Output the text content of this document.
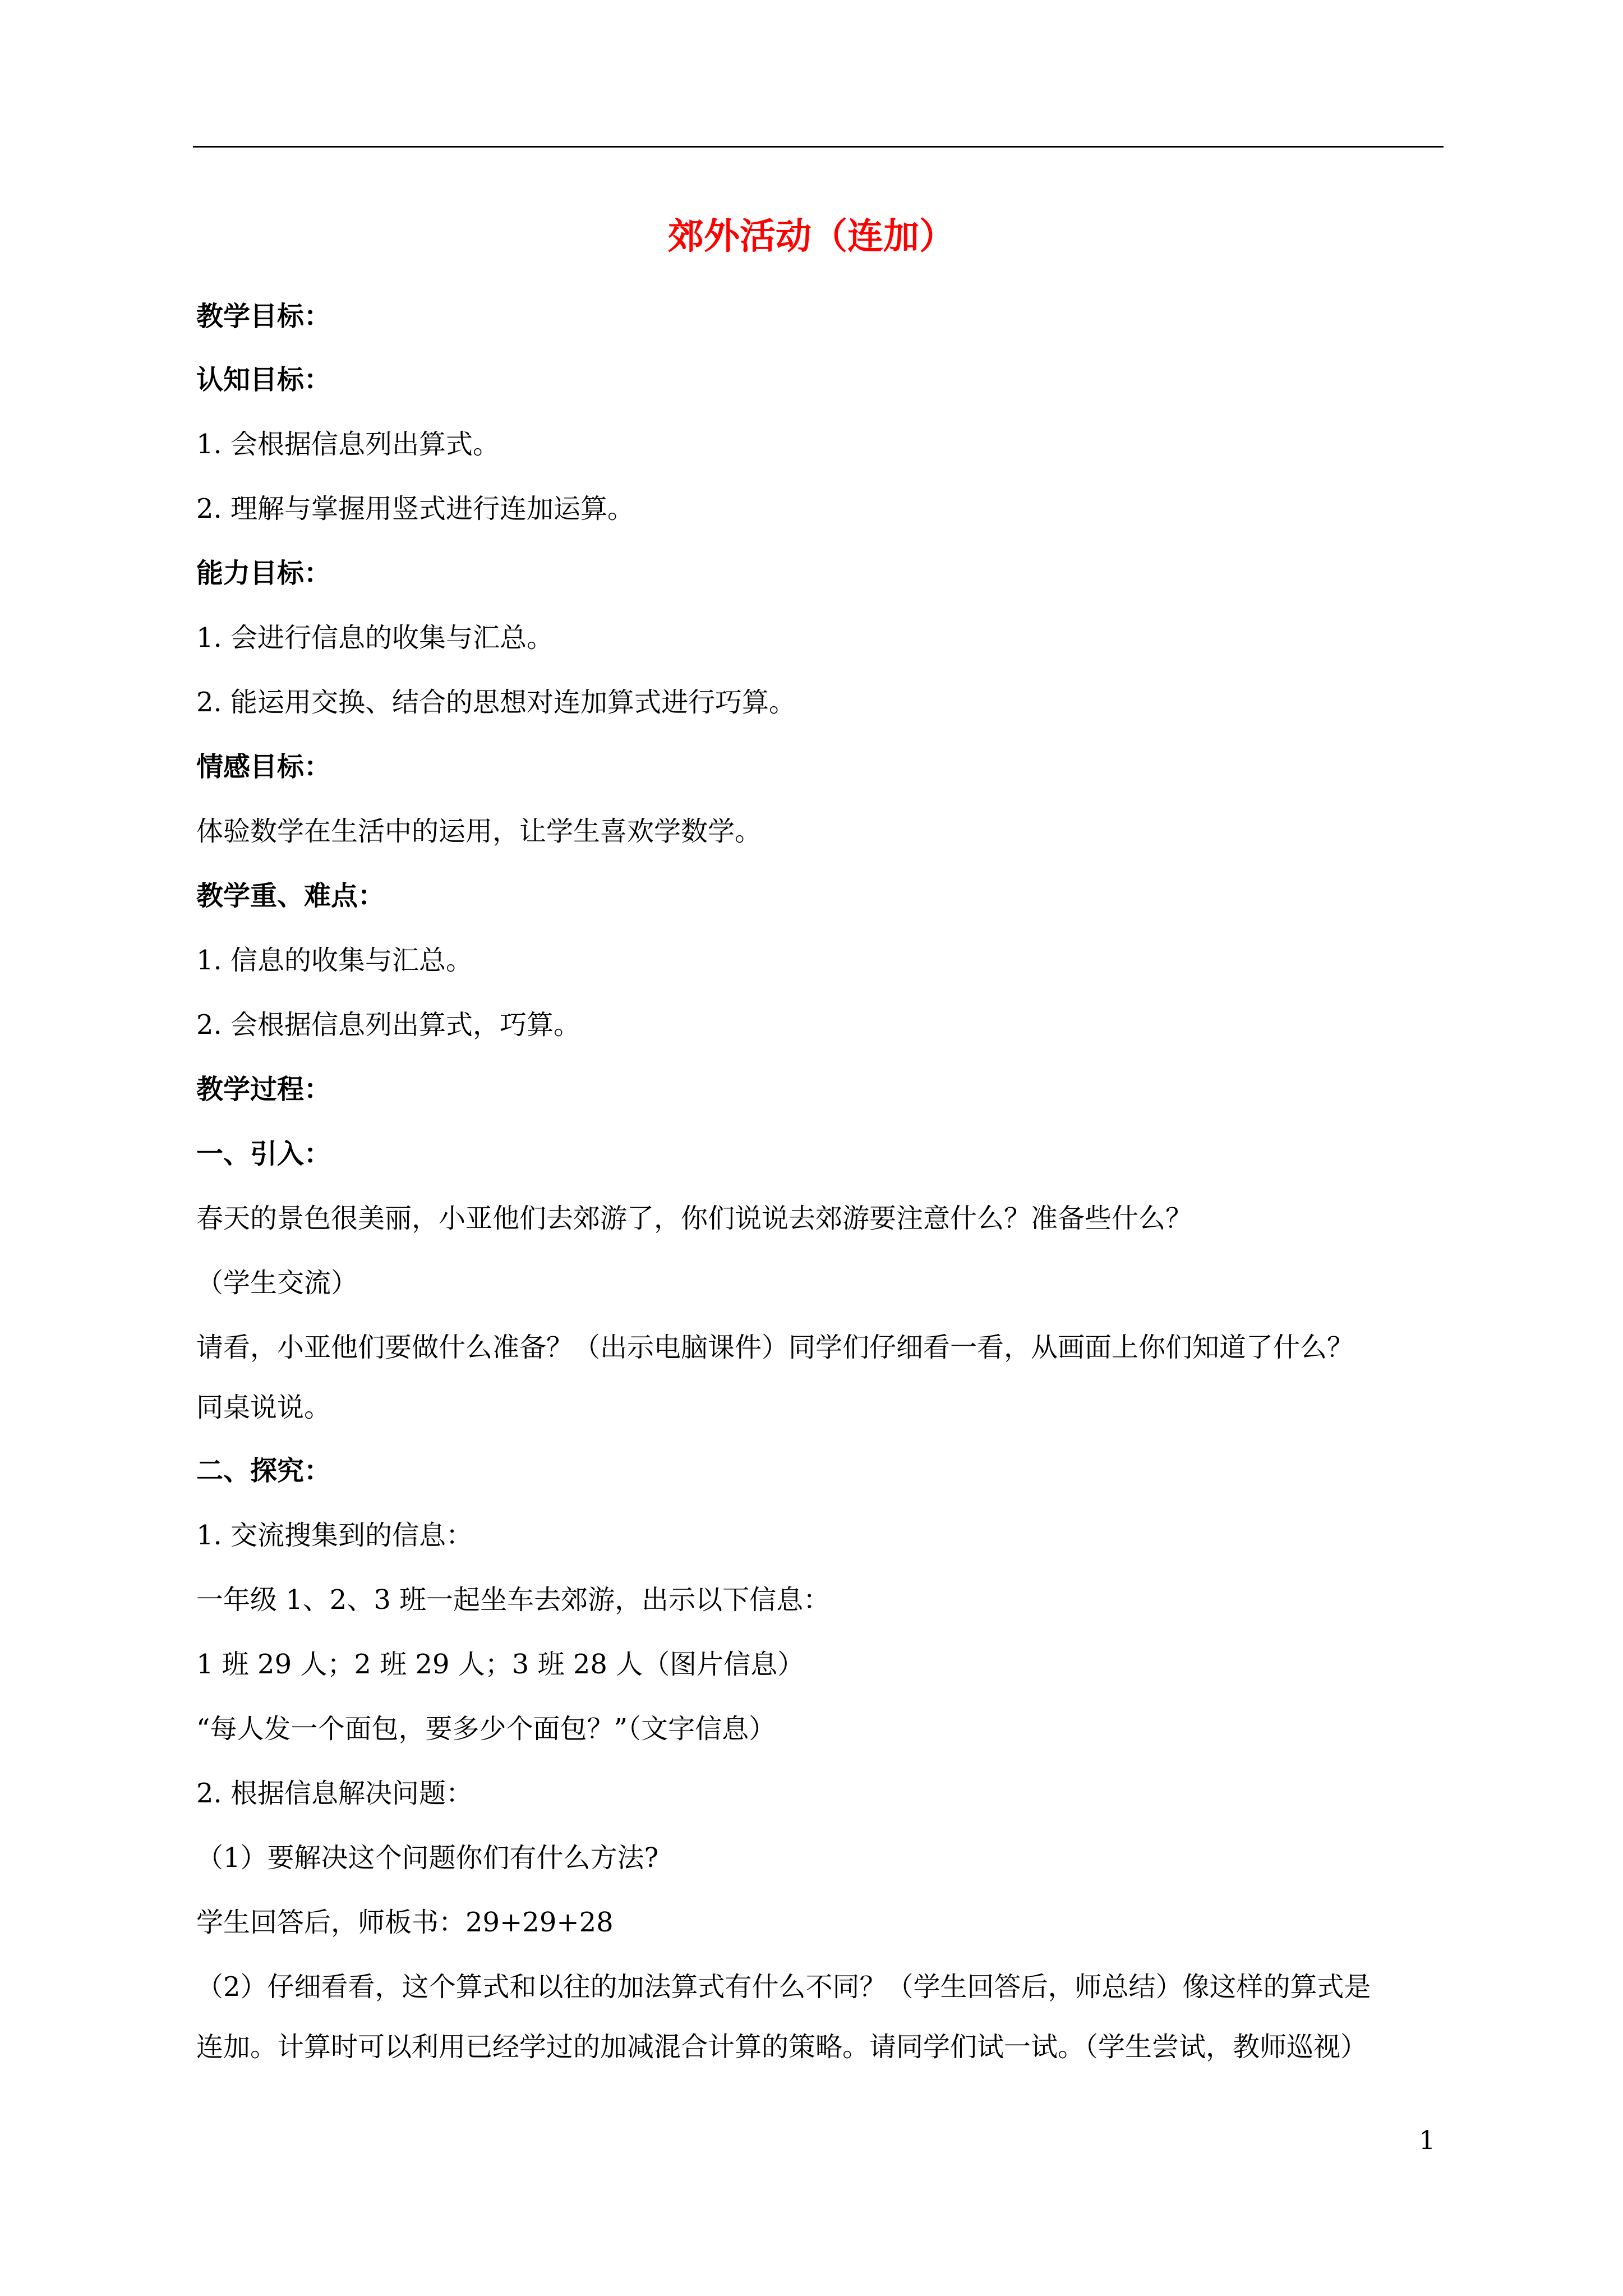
郊外活动（连加）
教学目标：
认知目标：
1. 会根据信息列出算式。
2. 理解与掌握用竖式进行连加运算。
能力目标：
1. 会进行信息的收集与汇总。
2. 能运用交换、结合的思想对连加算式进行巧算。
情感目标：
体验数学在生活中的运用，让学生喜欢学数学。
教学重、难点：
1. 信息的收集与汇总。
2. 会根据信息列出算式，巧算。
教学过程：
一、引入：
春天的景色很美丽，小亚他们去郊游了，你们说说去郊游要注意什么？准备些什么？
（学生交流）
请看，小亚他们要做什么准备？（出示电脑课件）同学们仔细看一看，从画面上你们知道了什么？
同桌说说。
二、探究：
1. 交流搜集到的信息：
一年级 1、2、3 班一起坐车去郊游，出示以下信息：
1 班 29 人；2 班 29 人；3 班 28 人（图片信息）
“每人发一个面包，要多少个面包？”（文字信息）
2. 根据信息解决问题：
（1）要解决这个问题你们有什么方法?
学生回答后，师板书：29+29+28
（2）仔细看看，这个算式和以往的加法算式有什么不同？（学生回答后，师总结）像这样的算式是
连加。计算时可以利用已经学过的加减混合计算的策略。请同学们试一试。（学生尝试，教师巡视）
1
